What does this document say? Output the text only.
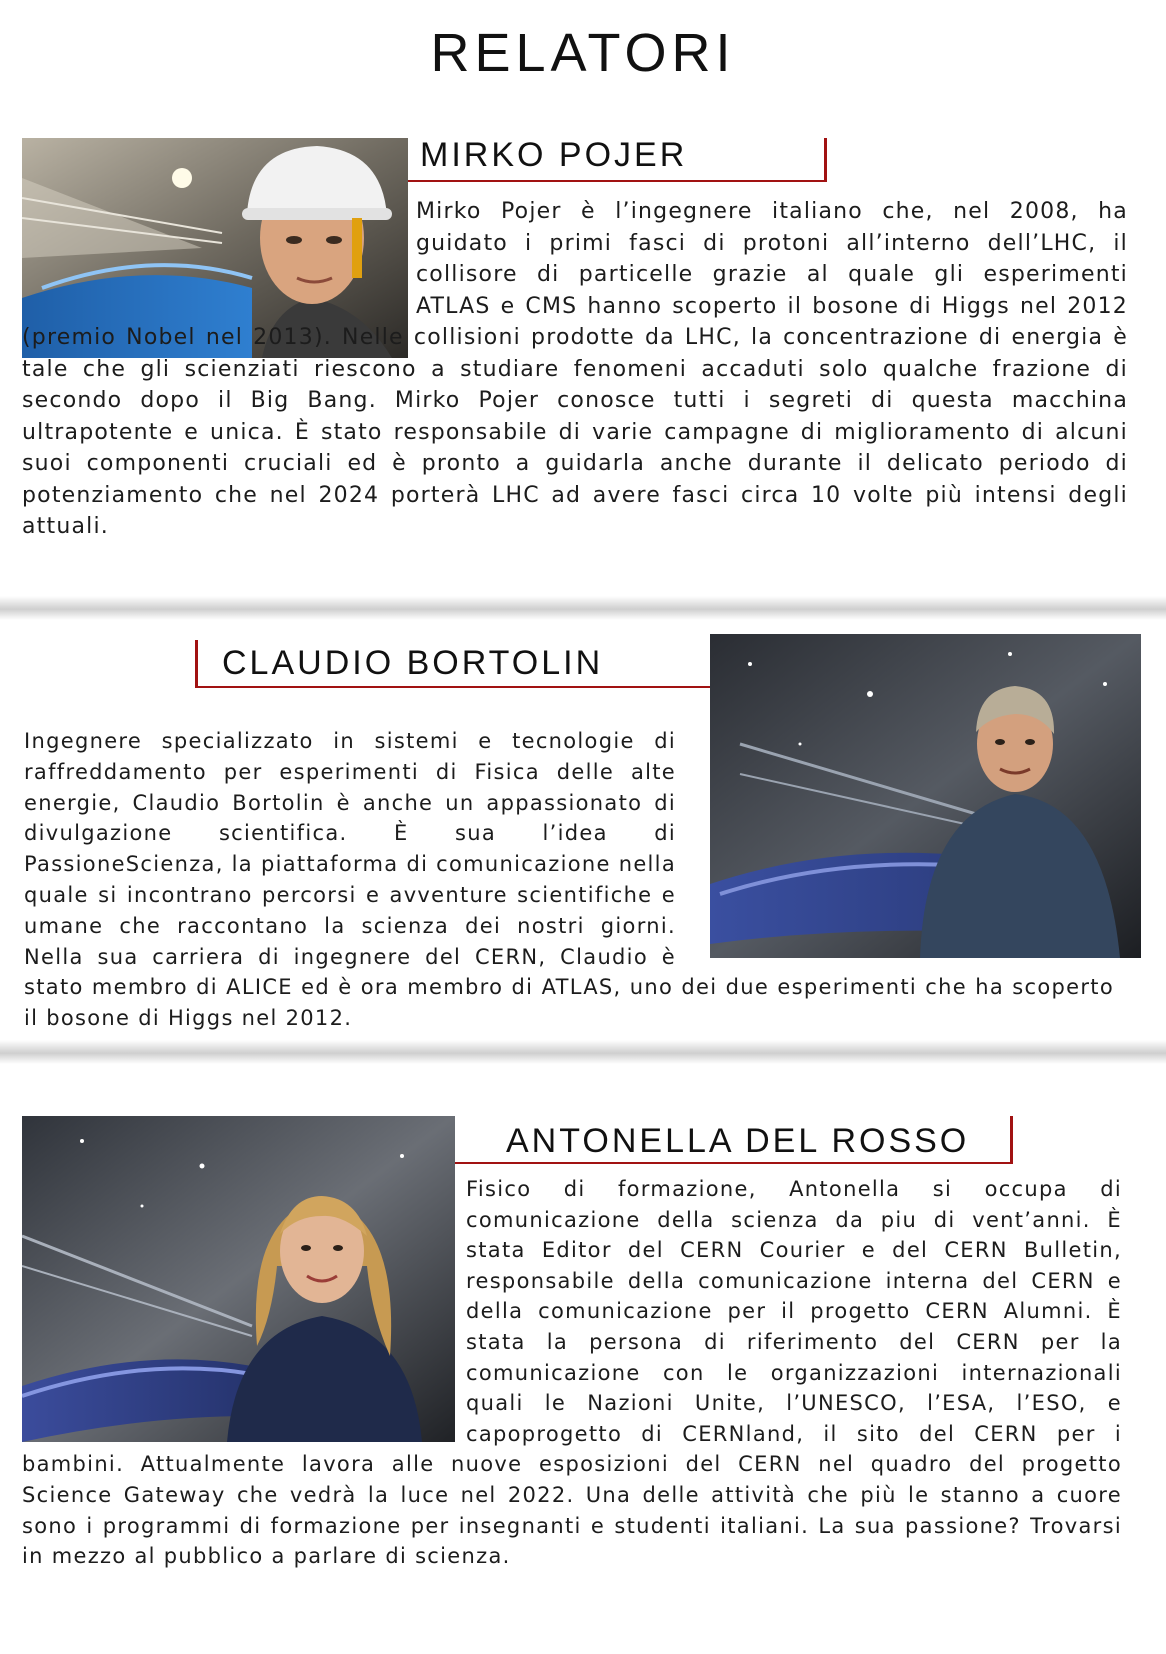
RELATORI
MIRKO POJER
Mirko Pojer è l’ingegnere italiano che, nel 2008, ha guidato i primi fasci di protoni all’interno dell’LHC, il collisore di particelle grazie al quale gli esperimenti ATLAS e CMS hanno scoperto il bosone di Higgs nel 2012 (premio Nobel nel 2013). Nelle collisioni prodotte da LHC, la concentrazione di energia è tale che gli scienziati riescono a studiare fenomeni accaduti solo qualche frazione di secondo dopo il Big Bang. Mirko Pojer conosce tutti i segreti di questa macchina ultrapotente e unica. È stato responsabile di varie campagne di miglioramento di alcuni suoi componenti cruciali ed è pronto a guidarla anche durante il delicato periodo di potenziamento che nel 2024 porterà LHC ad avere fasci circa 10 volte più intensi degli attuali.
CLAUDIO BORTOLIN
Ingegnere specializzato in sistemi e tecnologie di raffreddamento per esperimenti di Fisica delle alte energie, Claudio Bortolin è anche un appassionato di divulgazione scientifica. È sua l’idea di PassioneScienza, la piattaforma di comunicazione nella quale si incontrano percorsi e avventure scientifiche e umane che raccontano la scienza dei nostri giorni. Nella sua carriera di ingegnere del CERN, Claudio è stato membro di ALICE ed è ora membro di ATLAS, uno dei due esperimenti che ha scoperto il bosone di Higgs nel 2012.
ANTONELLA DEL ROSSO
Fisico di formazione, Antonella si occupa di comunicazione della scienza da piu di vent’anni. È stata Editor del CERN Courier e del CERN Bulletin, responsabile della comunicazione interna del CERN e della comunicazione per il progetto CERN Alumni. È stata la persona di riferimento del CERN per la comunicazione con le organizzazioni internazionali quali le Nazioni Unite, l’UNESCO, l’ESA, l’ESO, e capoprogetto di CERNland, il sito del CERN per i bambini. Attualmente lavora alle nuove esposizioni del CERN nel quadro del progetto Science Gateway che vedrà la luce nel 2022. Una delle attività che più le stanno a cuore sono i programmi di formazione per insegnanti e studenti italiani. La sua passione? Trovarsi in mezzo al pubblico a parlare di scienza.
